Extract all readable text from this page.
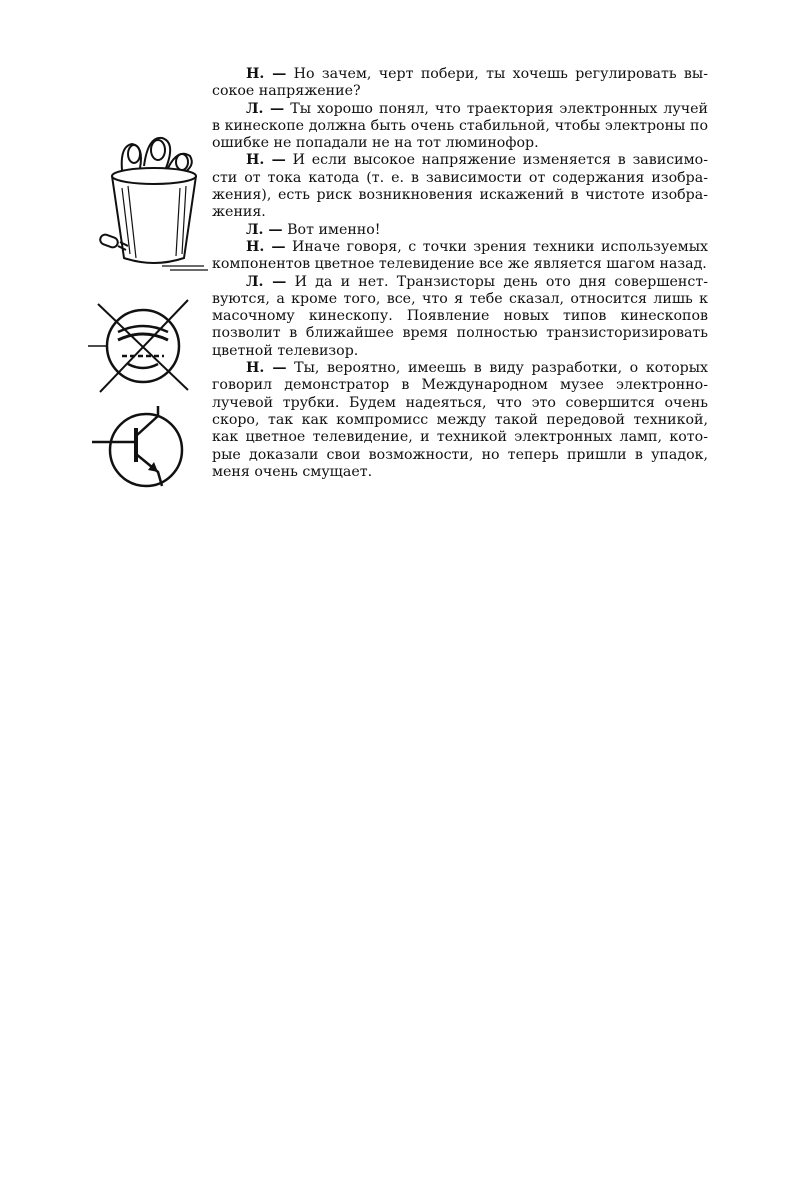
Н. — Но зачем, черт побери, ты хочешь регулировать высокое напряжение?

Л. — Ты хорошо понял, что траектория электронных лучей в кинескопе должна быть очень стабильной, чтобы электроны по ошибке не попадали не на тот люминофор.

Н. — И если высокое напряжение изменяется в зависимости от тока катода (т. е. в зависимости от содержания изображения), есть риск возникновения искажений в чистоте изображения.

Л. — Вот именно!

Н. — Иначе говоря, с точки зрения техники используемых компонентов цветное телевидение все же является шагом назад.

Л. — И да и нет. Транзисторы день ото дня совершенствуются, а кроме того, все, что я тебе сказал, относится лишь к масочному кинескопу. Появление новых типов кинескопов позволит в ближайшее время полностью транзисторизировать цветной телевизор.

Н. — Ты, вероятно, имеешь в виду разработки, о которых говорил демонстратор в Международном музее электроннолучевой трубки. Будем надеяться, что это совершится очень скоро, так как компромисс между такой передовой техникой, как цветное телевидение, и техникой электронных ламп, которые доказали свои возможности, но теперь пришли в упадок, меня очень смущает.
